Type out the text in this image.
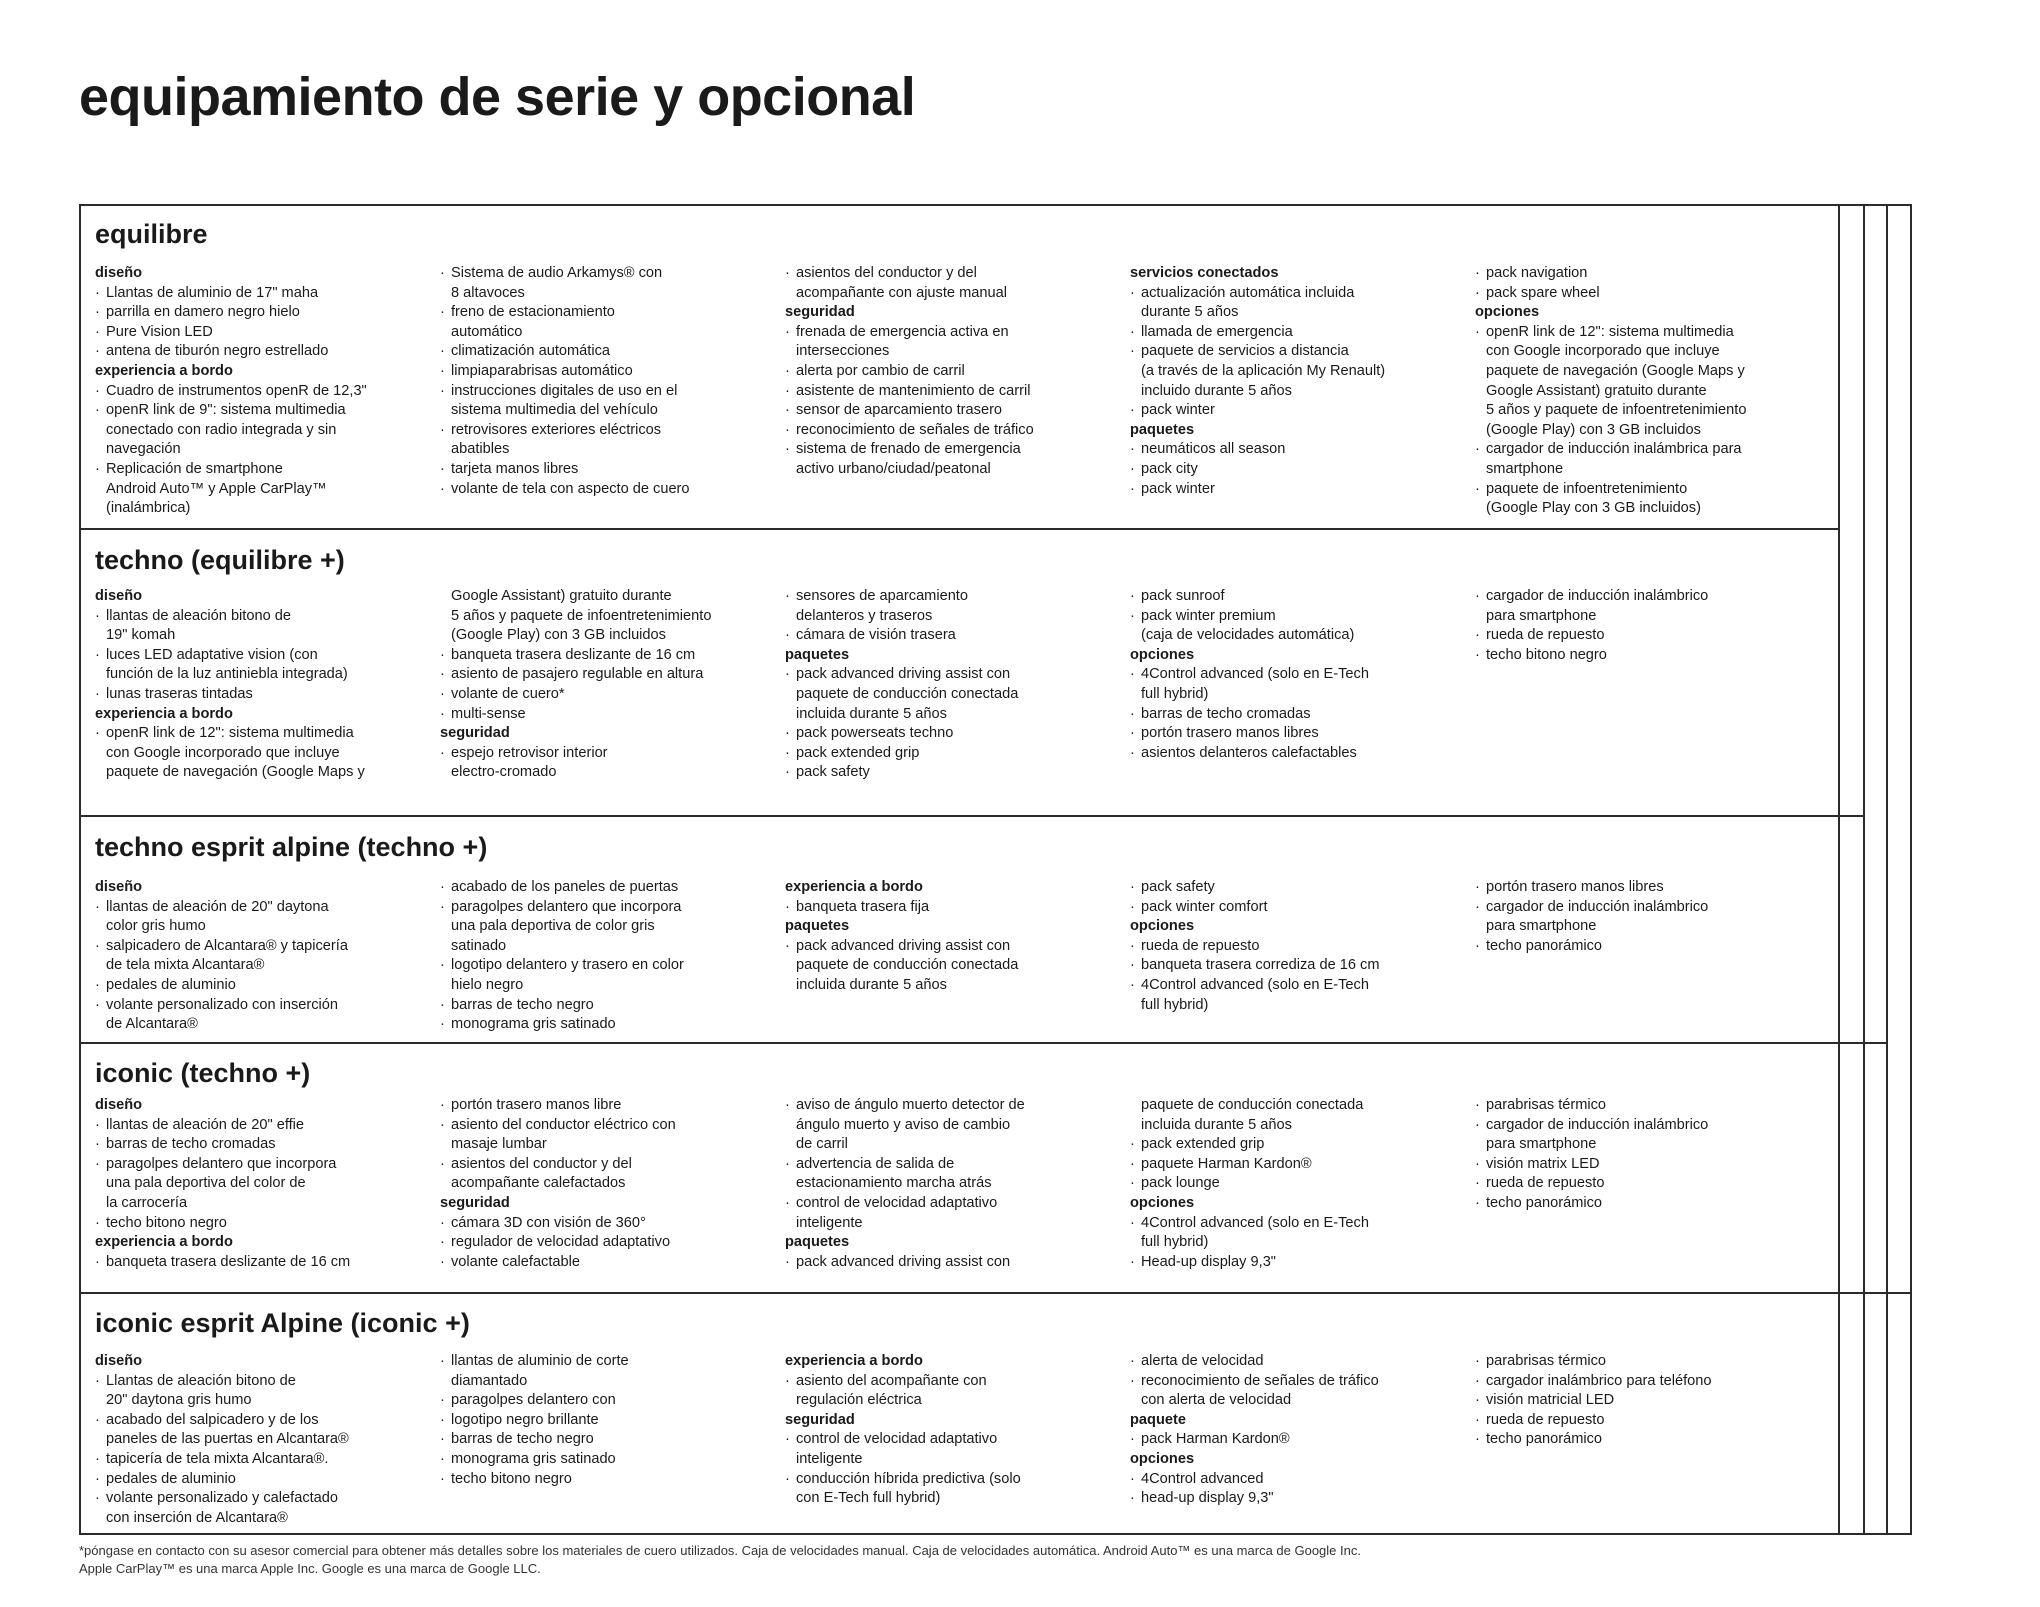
equipamiento de serie y opcional
equilibre
techno (equilibre +)
techno esprit alpine (techno +)
iconic (techno +)
iconic esprit Alpine (iconic +)
diseño
· Llantas de aluminio de 17" maha
· parrilla en damero negro hielo
· Pure Vision LED
· antena de tiburón negro estrellado
experiencia a bordo
· Cuadro de instrumentos openR de 12,3"
· openR link de 9": sistema multimedia
conectado con radio integrada y sin
navegación
· Replicación de smartphone
Android Auto™ y Apple CarPlay™
(inalámbrica)
· Sistema de audio Arkamys® con
8 altavoces
· freno de estacionamiento
automático
· climatización automática
· limpiaparabrisas automático
· instrucciones digitales de uso en el
sistema multimedia del vehículo
· retrovisores exteriores eléctricos
abatibles
· tarjeta manos libres
· volante de tela con aspecto de cuero
· asientos del conductor y del
acompañante con ajuste manual
seguridad
· frenada de emergencia activa en
intersecciones
· alerta por cambio de carril
· asistente de mantenimiento de carril
· sensor de aparcamiento trasero
· reconocimiento de señales de tráfico
· sistema de frenado de emergencia
activo urbano/ciudad/peatonal
servicios conectados
· actualización automática incluida
durante 5 años
· llamada de emergencia
· paquete de servicios a distancia
(a través de la aplicación My Renault)
incluido durante 5 años
· pack winter
paquetes
· neumáticos all season
· pack city
· pack winter
· pack navigation
· pack spare wheel
opciones
· openR link de 12": sistema multimedia
con Google incorporado que incluye
paquete de navegación (Google Maps y
Google Assistant) gratuito durante
5 años y paquete de infoentretenimiento
(Google Play) con 3 GB incluidos
· cargador de inducción inalámbrica para
smartphone
· paquete de infoentretenimiento
(Google Play con 3 GB incluidos)
diseño
· llantas de aleación bitono de
19" komah
· luces LED adaptative vision (con
función de la luz antiniebla integrada)
· lunas traseras tintadas
experiencia a bordo
· openR link de 12": sistema multimedia
con Google incorporado que incluye
paquete de navegación (Google Maps y
Google Assistant) gratuito durante
5 años y paquete de infoentretenimiento
(Google Play) con 3 GB incluidos
· banqueta trasera deslizante de 16 cm
· asiento de pasajero regulable en altura
· volante de cuero*
· multi-sense
seguridad
· espejo retrovisor interior
electro-cromado
· sensores de aparcamiento
delanteros y traseros
· cámara de visión trasera
paquetes
· pack advanced driving assist con
paquete de conducción conectada
incluida durante 5 años
· pack powerseats techno
· pack extended grip
· pack safety
· pack sunroof
· pack winter premium
(caja de velocidades automática)
opciones
· 4Control advanced (solo en E-Tech
full hybrid)
· barras de techo cromadas
· portón trasero manos libres
· asientos delanteros calefactables
· cargador de inducción inalámbrico
para smartphone
· rueda de repuesto
· techo bitono negro
diseño
· llantas de aleación de 20" daytona
color gris humo
· salpicadero de Alcantara® y tapicería
de tela mixta Alcantara®
· pedales de aluminio
· volante personalizado con inserción
de Alcantara®
· acabado de los paneles de puertas
· paragolpes delantero que incorpora
una pala deportiva de color gris
satinado
· logotipo delantero y trasero en color
hielo negro
· barras de techo negro
· monograma gris satinado
experiencia a bordo
· banqueta trasera fija
paquetes
· pack advanced driving assist con
paquete de conducción conectada
incluida durante 5 años
· pack safety
· pack winter comfort
opciones
· rueda de repuesto
· banqueta trasera corrediza de 16 cm
· 4Control advanced (solo en E-Tech
full hybrid)
· portón trasero manos libres
· cargador de inducción inalámbrico
para smartphone
· techo panorámico
diseño
· llantas de aleación de 20" effie
· barras de techo cromadas
· paragolpes delantero que incorpora
una pala deportiva del color de
la carrocería
· techo bitono negro
experiencia a bordo
· banqueta trasera deslizante de 16 cm
· portón trasero manos libre
· asiento del conductor eléctrico con
masaje lumbar
· asientos del conductor y del
acompañante calefactados
seguridad
· cámara 3D con visión de 360°
· regulador de velocidad adaptativo
· volante calefactable
· aviso de ángulo muerto detector de
ángulo muerto y aviso de cambio
de carril
· advertencia de salida de
estacionamiento marcha atrás
· control de velocidad adaptativo
inteligente
paquetes
· pack advanced driving assist con
paquete de conducción conectada
incluida durante 5 años
· pack extended grip
· paquete Harman Kardon®
· pack lounge
opciones
· 4Control advanced (solo en E-Tech
full hybrid)
· Head-up display 9,3"
· parabrisas térmico
· cargador de inducción inalámbrico
para smartphone
· visión matrix LED
· rueda de repuesto
· techo panorámico
diseño
· Llantas de aleación bitono de
20" daytona gris humo
· acabado del salpicadero y de los
paneles de las puertas en Alcantara®
· tapicería de tela mixta Alcantara®.
· pedales de aluminio
· volante personalizado y calefactado
con inserción de Alcantara®
· llantas de aluminio de corte
diamantado
· paragolpes delantero con
· logotipo negro brillante
· barras de techo negro
· monograma gris satinado
· techo bitono negro
experiencia a bordo
· asiento del acompañante con
regulación eléctrica
seguridad
· control de velocidad adaptativo
inteligente
· conducción híbrida predictiva (solo
con E-Tech full hybrid)
· alerta de velocidad
· reconocimiento de señales de tráfico
con alerta de velocidad
paquete
· pack Harman Kardon®
opciones
· 4Control advanced
· head-up display 9,3"
· parabrisas térmico
· cargador inalámbrico para teléfono
· visión matricial LED
· rueda de repuesto
· techo panorámico
*póngase en contacto con su asesor comercial para obtener más detalles sobre los materiales de cuero utilizados. Caja de velocidades manual. Caja de velocidades automática. Android Auto™ es una marca de Google Inc.
Apple CarPlay™ es una marca Apple Inc. Google es una marca de Google LLC.
